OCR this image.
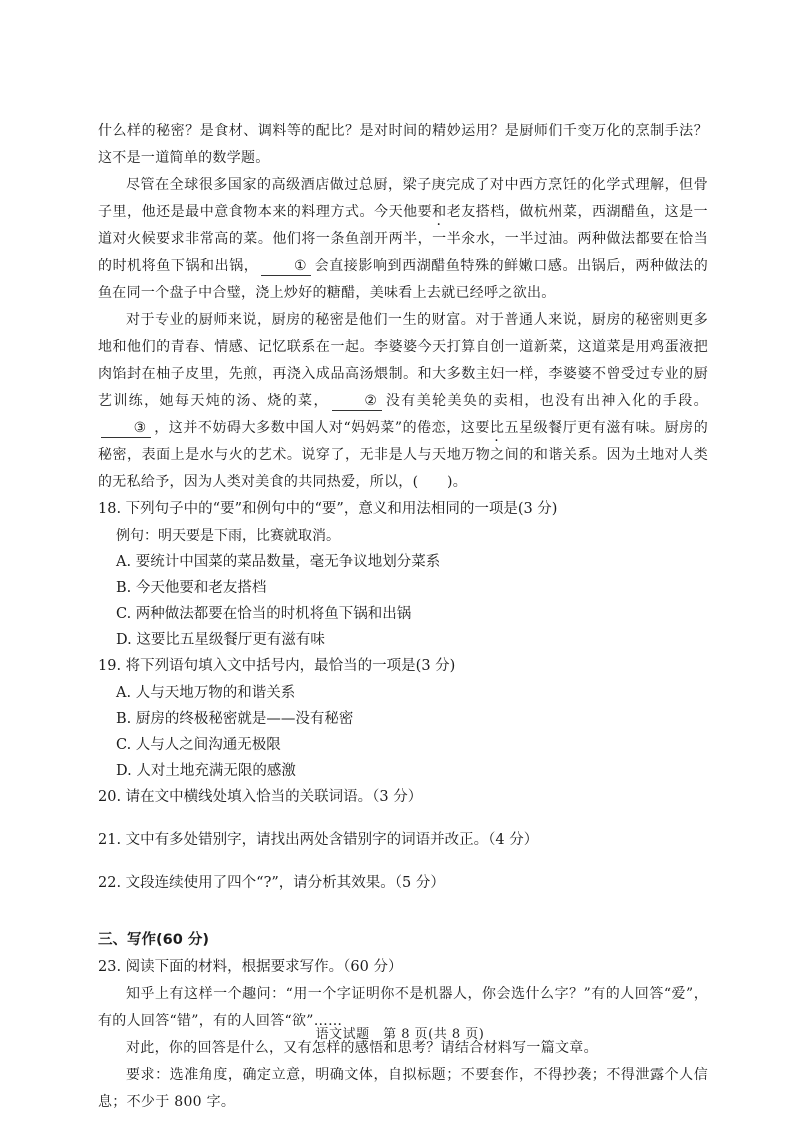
什么样的秘密？是食材、调料等的配比？是对时间的精妙运用？是厨师们千变万化的烹制手法？这不是一道简单的数学题。

尽管在全球很多国家的高级酒店做过总厨，梁子庚完成了对中西方烹饪的化学式理解，但骨子里，他还是最中意食物本来的料理方式。今天他要和老友搭档，做杭州菜，西湖醋鱼，这是一道对火候要求非常高的菜。他们将一条鱼剖开两半，一半氽水，一半过油。两种做法都要在恰当的时机将鱼下锅和出锅，	① 会直接影响到西湖醋鱼特殊的鲜嫩口感。出锅后，两种做法的鱼在同一个盘子中合璧，浇上炒好的糖醋，美味看上去就已经呼之欲出。

对于专业的厨师来说，厨房的秘密是他们一生的财富。对于普通人来说，厨房的秘密则更多地和他们的青春、情感、记忆联系在一起。李婆婆今天打算自创一道新菜，这道菜是用鸡蛋液把肉馅封在柚子皮里，先煎，再浇入成品高汤煨制。和大多数主妇一样，李婆婆不曾受过专业的厨艺训练，她每天炖的汤、烧的菜，	② 没有美轮美奂的卖相，也没有出神入化的手段。③ ，这并不妨碍大多数中国人对“妈妈菜”的倦恋，这要比五星级餐厅更有滋有味。厨房的秘密，表面上是水与火的艺术。说穿了，无非是人与天地万物之间的和谐关系。因为土地对人类的无私给予，因为人类对美食的共同热爱，所以，(　　)。

18. 下列句子中的“要”和例句中的“要”，意义和用法相同的一项是(3 分)

例句：明天要是下雨，比赛就取消。

A. 要统计中国菜的菜品数量，毫无争议地划分菜系

B. 今天他要和老友搭档

C. 两种做法都要在恰当的时机将鱼下锅和出锅

D. 这要比五星级餐厅更有滋有味

19. 将下列语句填入文中括号内，最恰当的一项是(3 分)

A. 人与天地万物的和谐关系

B. 厨房的终极秘密就是——没有秘密

C. 人与人之间沟通无极限

D. 人对土地充满无限的感激

20. 请在文中横线处填入恰当的关联词语。（3 分）

21. 文中有多处错别字，请找出两处含错别字的词语并改正。（4 分）

22. 文段连续使用了四个“?”，请分析其效果。（5 分）

三、写作(60 分)

23. 阅读下面的材料，根据要求写作。（60 分）

知乎上有这样一个趣问：“用一个字证明你不是机器人，你会选什么字？”有的人回答“爱”，有的人回答“错”，有的人回答“欲”……

对此，你的回答是什么，又有怎样的感悟和思考？请结合材料写一篇文章。

要求：选准角度，确定立意，明确文体，自拟标题；不要套作，不得抄袭；不得泄露个人信息；不少于 800 字。

语文试题　第 8 页(共 8 页)
